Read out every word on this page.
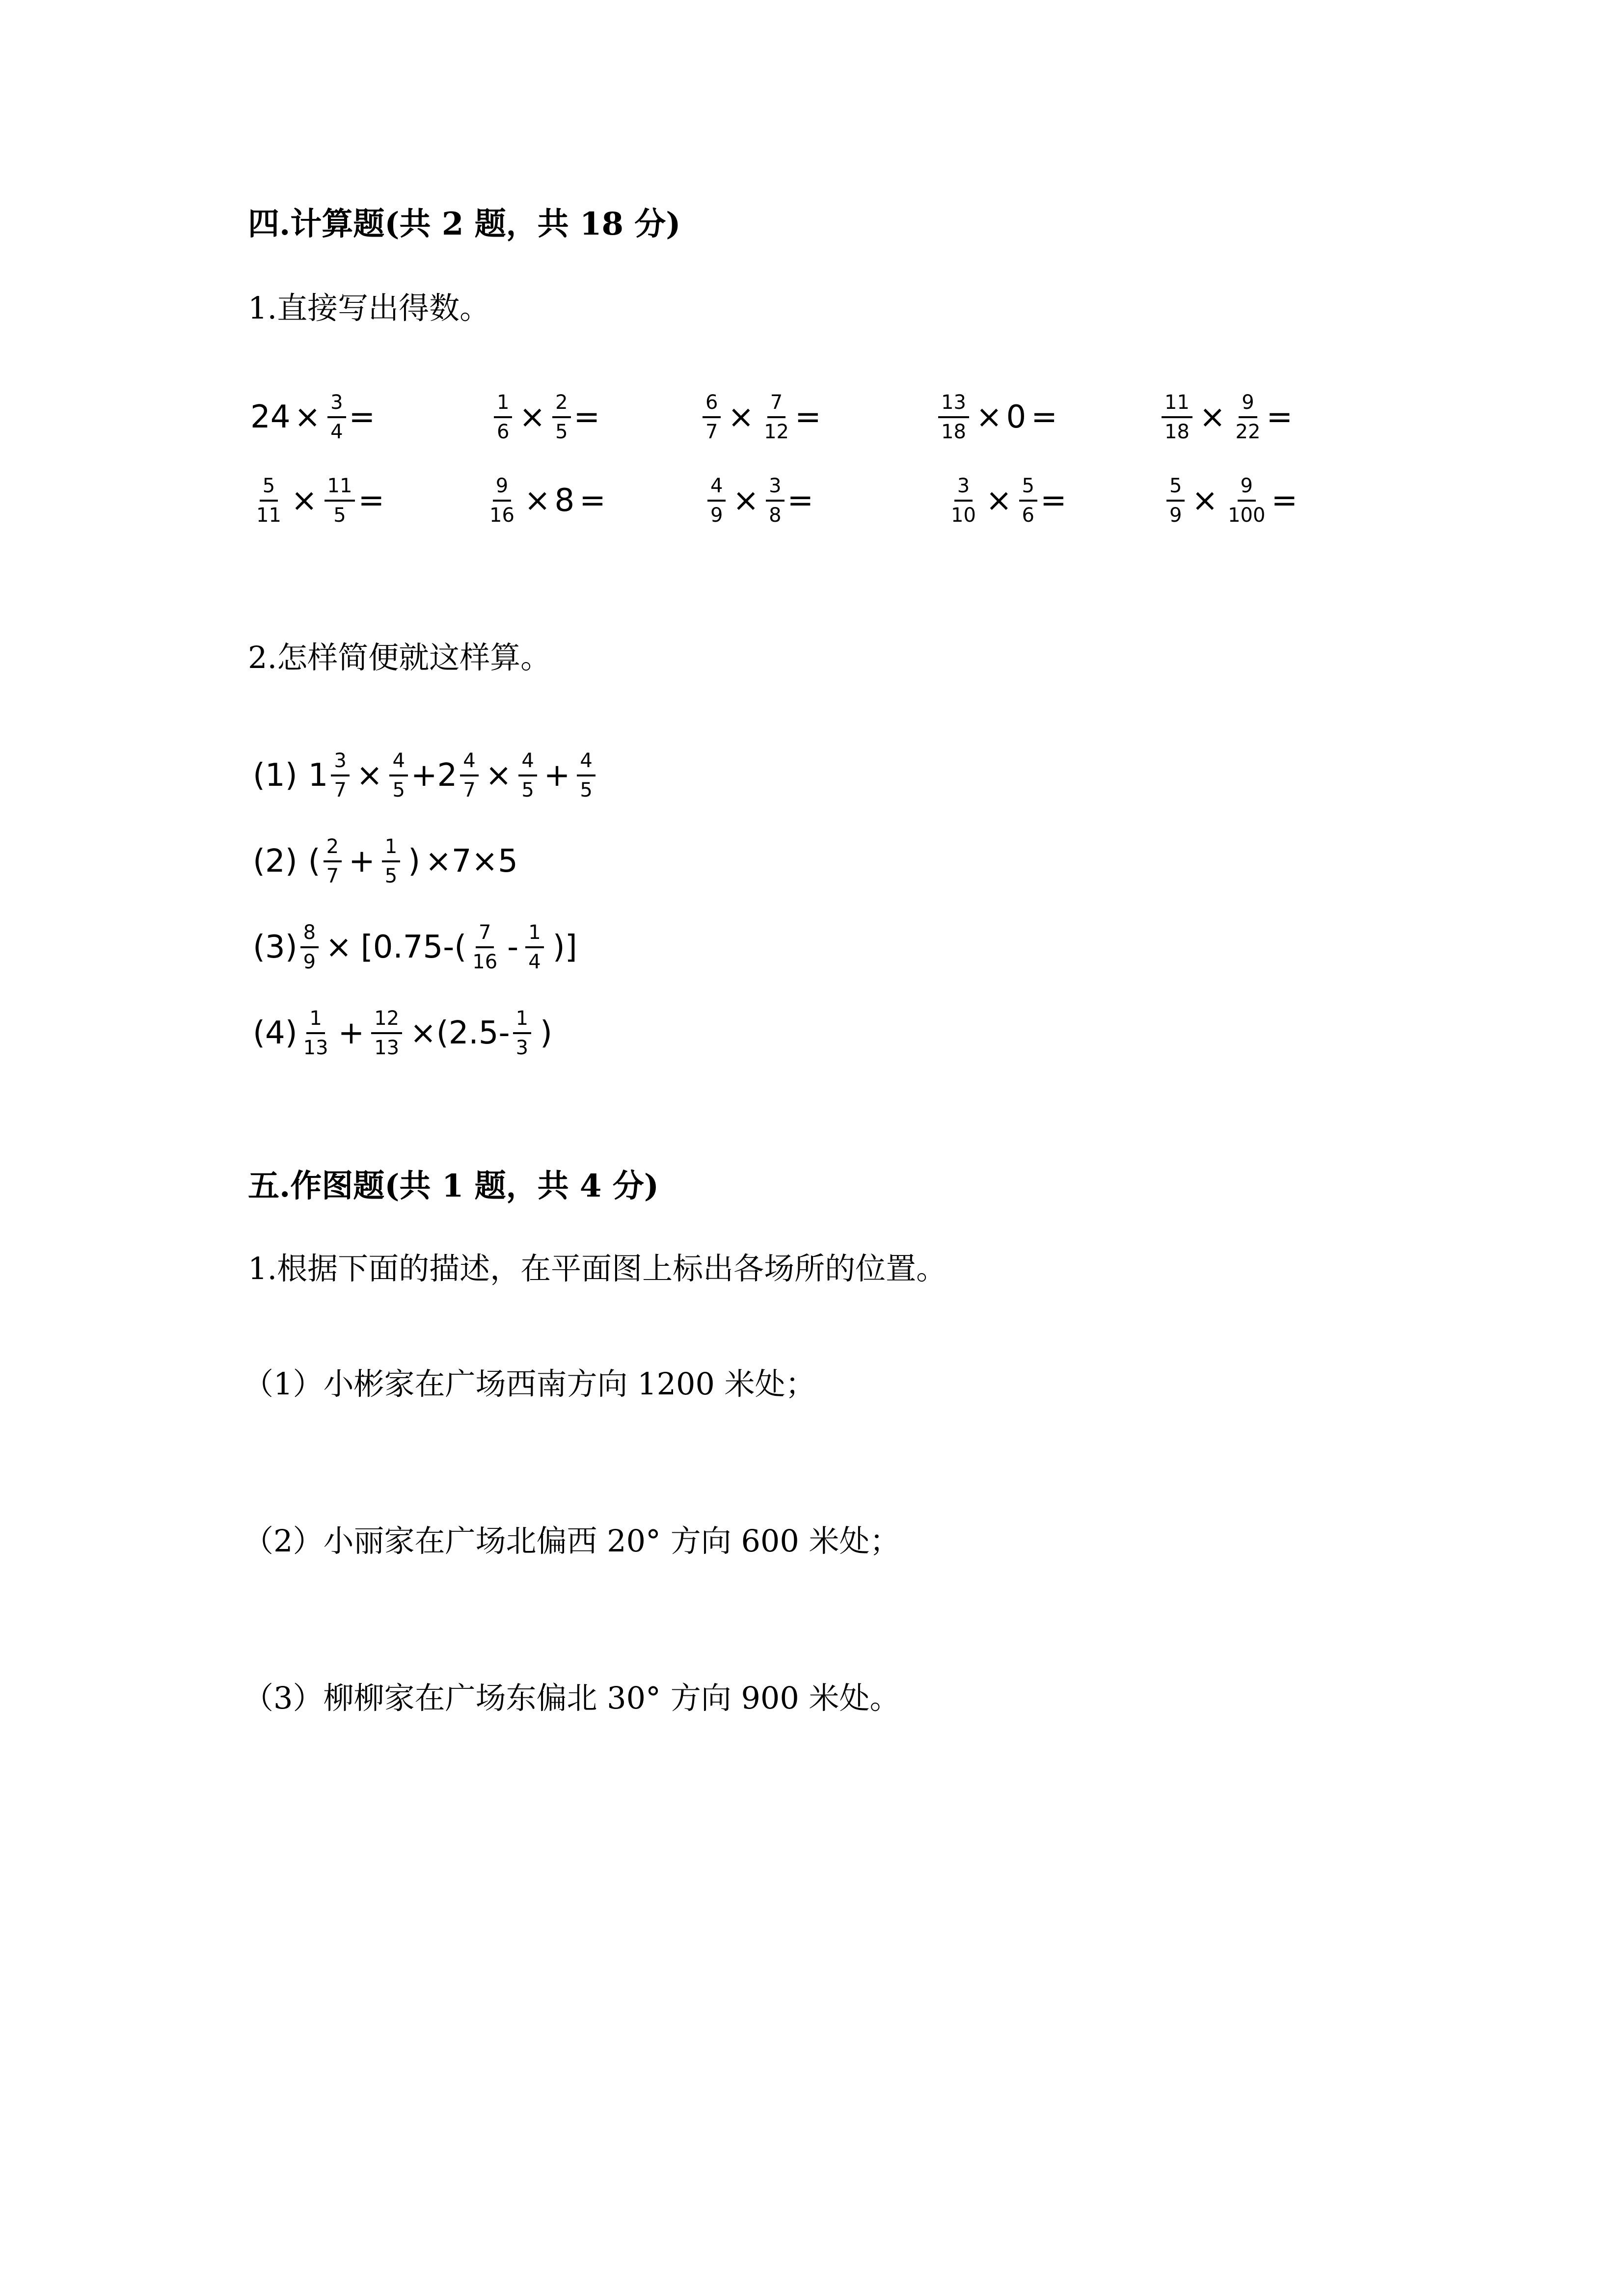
四.计算题(共 2 题，共 18 分)
1.直接写出得数。
$24 \times \frac{3}{4}$ =	$\frac{1}{6} \times \frac{2}{5}$ =	$\frac{6}{7} \times \frac{7}{12}$ =	$\frac{13}{18} \times 0$ =	$\frac{11}{18} \times \frac{9}{22}$ =
$\frac{5}{11} \times \frac{11}{5}$ =	$\frac{9}{16} \times 8$ =	$\frac{4}{9} \times \frac{3}{8}$ =	$\frac{3}{10} \times \frac{5}{6}$ =	$\frac{5}{9} \times \frac{9}{100}$ =
2.怎样简便就这样算。
(1) $1 \frac{3}{7} \times \frac{4}{5} +2 \frac{4}{7} \times \frac{4}{5} + \frac{4}{5}$
(2) ( $\frac{2}{7} + \frac{1}{5}$ ) ×7×5
$(3) \frac{8}{9} \times [0.75-( \frac{7}{16} - \frac{1}{4}$ )]
$(4) \frac{1}{13} + \frac{12}{13} \times(2.5- \frac{1}{3}$ )
五.作图题(共 1 题，共 4 分)
1.根据下面的描述，在平面图上标出各场所的位置。
（1）小彬家在广场西南方向 1200 米处；
（2）小丽家在广场北偏西 20° 方向 600 米处；
（3）柳柳家在广场东偏北 30° 方向 900 米处。
